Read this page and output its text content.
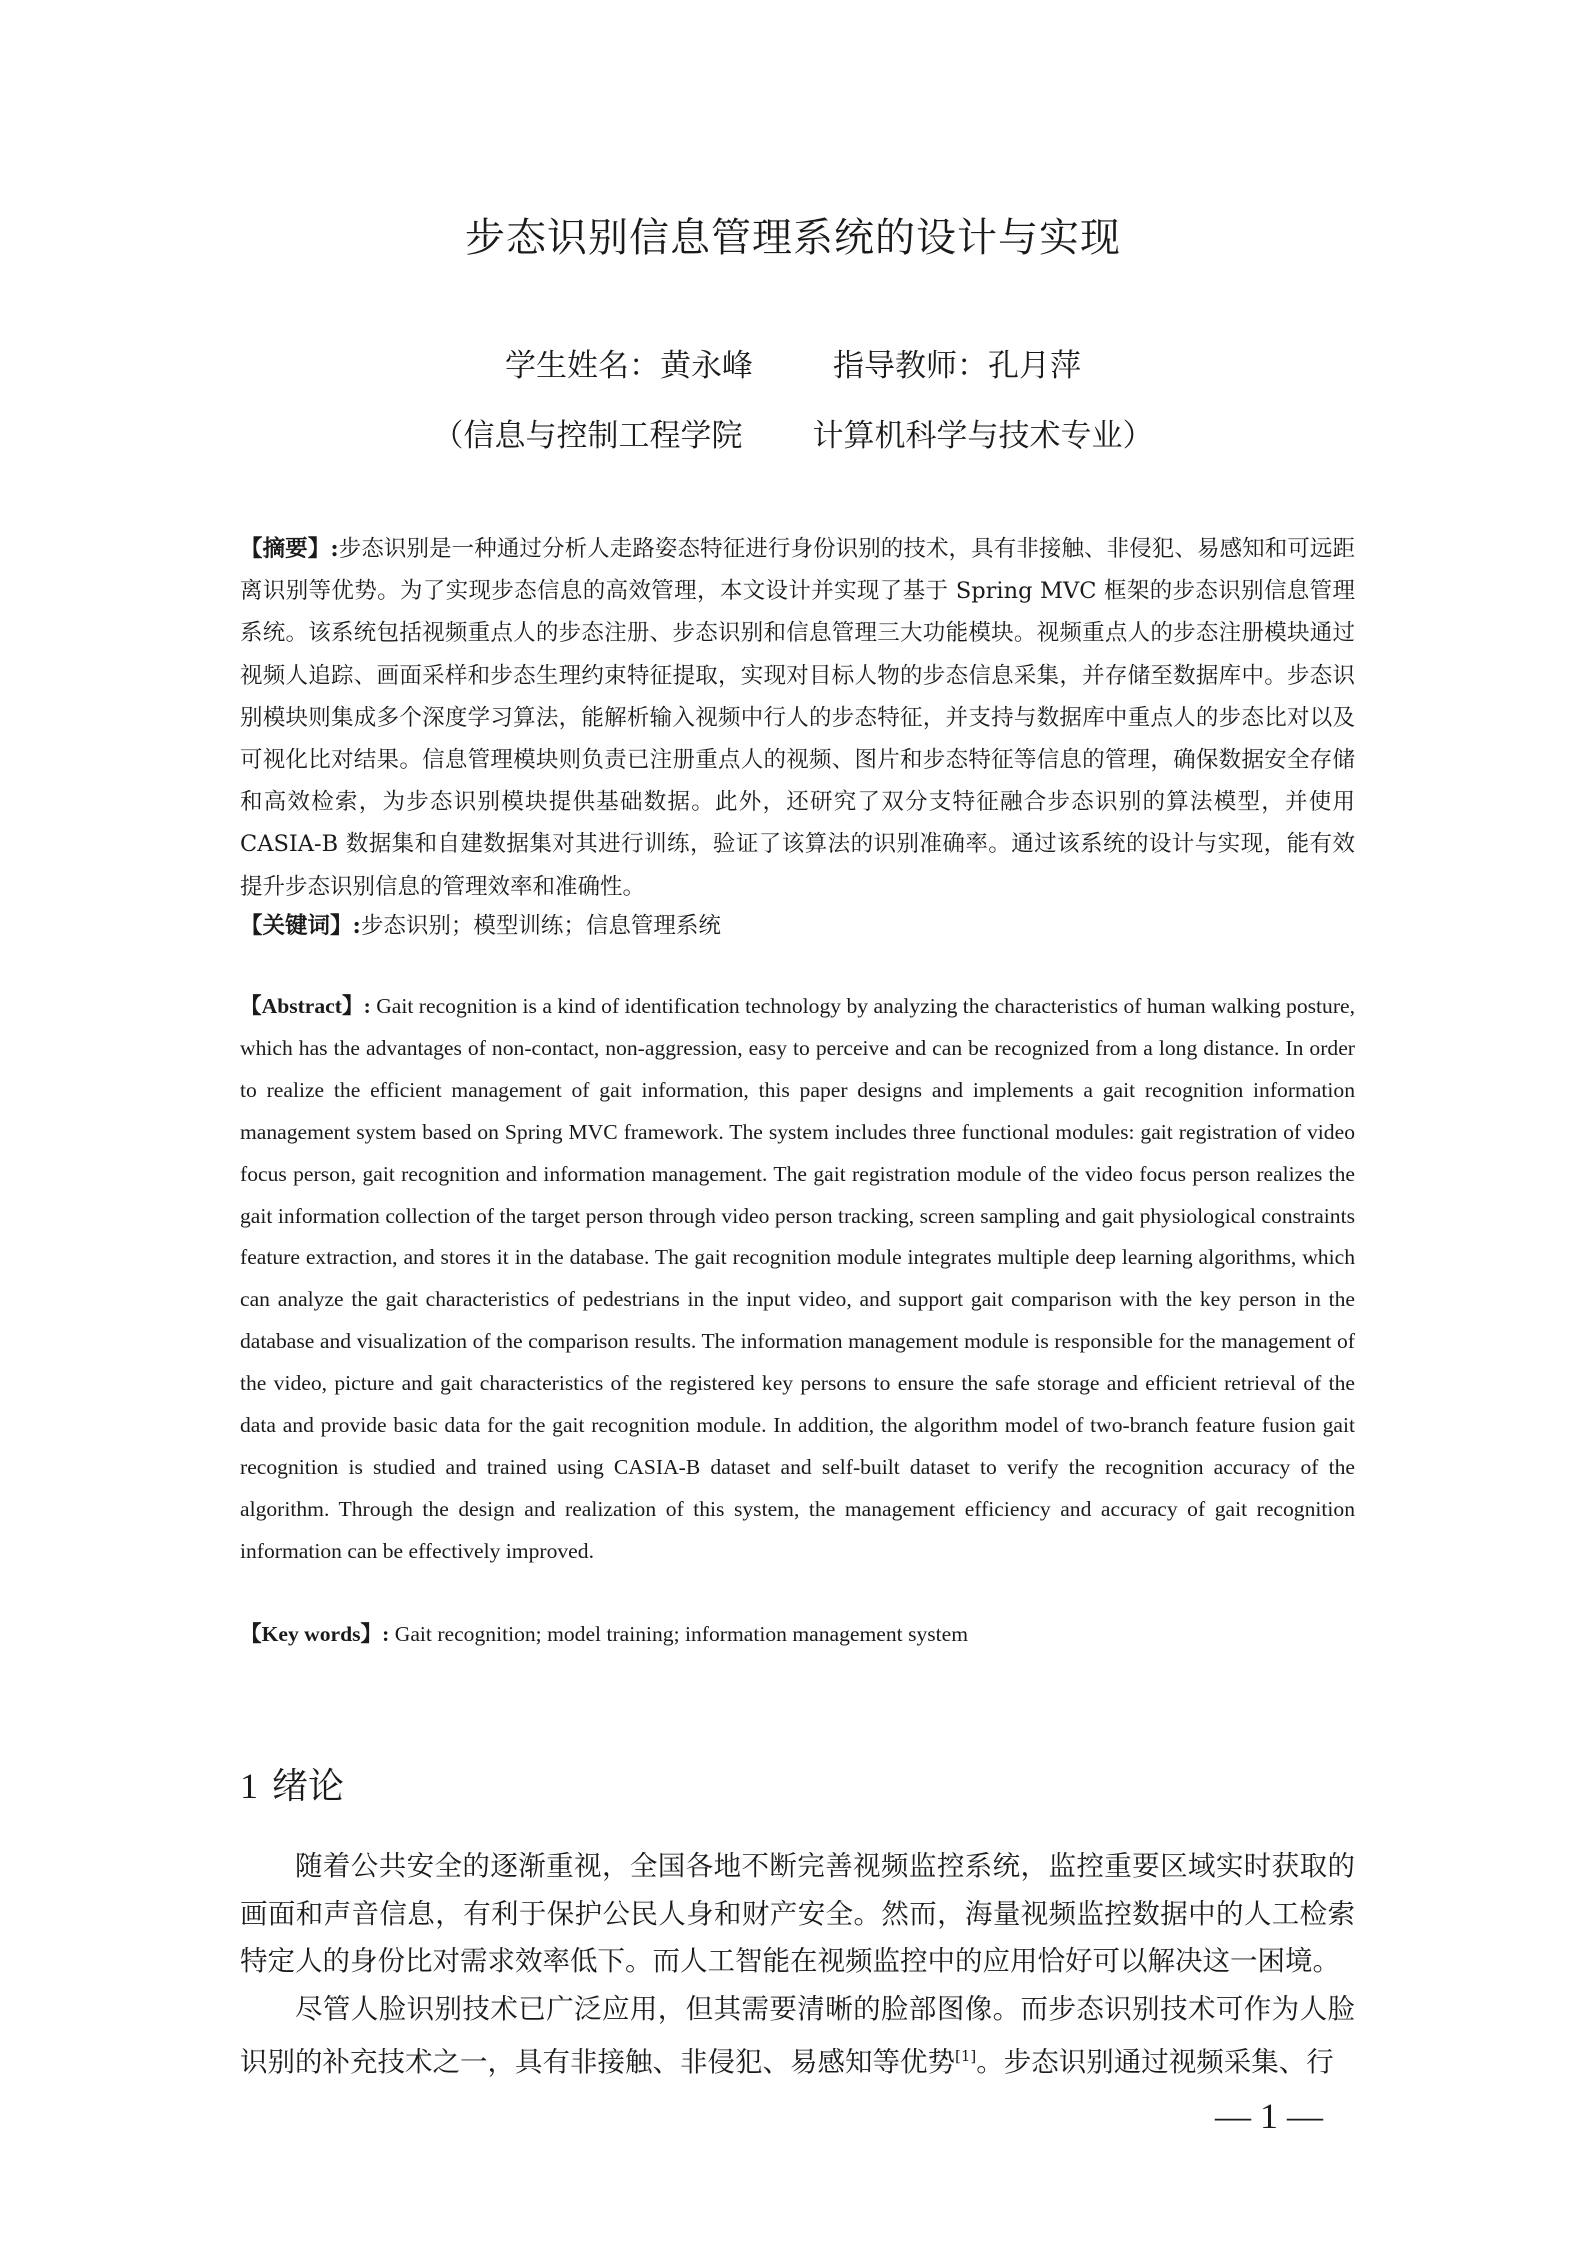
步态识别信息管理系统的设计与实现
学生姓名：黄永峰	指导教师：孔月萍
（信息与控制工程学院 计算机科学与技术专业）
【摘要】:步态识别是一种通过分析人走路姿态特征进行身份识别的技术，具有非接触、非侵犯、易感知和可远距离识别等优势。为了实现步态信息的高效管理，本文设计并实现了基于 Spring MVC 框架的步态识别信息管理系统。该系统包括视频重点人的步态注册、步态识别和信息管理三大功能模块。视频重点人的步态注册模块通过视频人追踪、画面采样和步态生理约束特征提取，实现对目标人物的步态信息采集，并存储至数据库中。步态识别模块则集成多个深度学习算法，能解析输入视频中行人的步态特征，并支持与数据库中重点人的步态比对以及可视化比对结果。信息管理模块则负责已注册重点人的视频、图片和步态特征等信息的管理，确保数据安全存储和高效检索，为步态识别模块提供基础数据。此外，还研究了双分支特征融合步态识别的算法模型，并使用 CASIA-B 数据集和自建数据集对其进行训练，验证了该算法的识别准确率。通过该系统的设计与实现，能有效提升步态识别信息的管理效率和准确性。
【关键词】:步态识别；模型训练；信息管理系统
【Abstract】: Gait recognition is a kind of identification technology by analyzing the characteristics of human walking posture, which has the advantages of non-contact, non-aggression, easy to perceive and can be recognized from a long distance. In order to realize the efficient management of gait information, this paper designs and implements a gait recognition information management system based on Spring MVC framework. The system includes three functional modules: gait registration of video focus person, gait recognition and information management. The gait registration module of the video focus person realizes the gait information collection of the target person through video person tracking, screen sampling and gait physiological constraints feature extraction, and stores it in the database. The gait recognition module integrates multiple deep learning algorithms, which can analyze the gait characteristics of pedestrians in the input video, and support gait comparison with the key person in the database and visualization of the comparison results. The information management module is responsible for the management of the video, picture and gait characteristics of the registered key persons to ensure the safe storage and efficient retrieval of the data and provide basic data for the gait recognition module. In addition, the algorithm model of two-branch feature fusion gait recognition is studied and trained using CASIA-B dataset and self-built dataset to verify the recognition accuracy of the algorithm. Through the design and realization of this system, the management efficiency and accuracy of gait recognition information can be effectively improved.
【Key words】: Gait recognition; model training; information management system
1 绪论

随着公共安全的逐渐重视，全国各地不断完善视频监控系统，监控重要区域实时获取的画面和声音信息，有利于保护公民人身和财产安全。然而，海量视频监控数据中的人工检索特定人的身份比对需求效率低下。而人工智能在视频监控中的应用恰好可以解决这一困境。

尽管人脸识别技术已广泛应用，但其需要清晰的脸部图像。而步态识别技术可作为人脸识别的补充技术之一，具有非接触、非侵犯、易感知等优势[1]。步态识别通过视频采集、行

— 1 —
